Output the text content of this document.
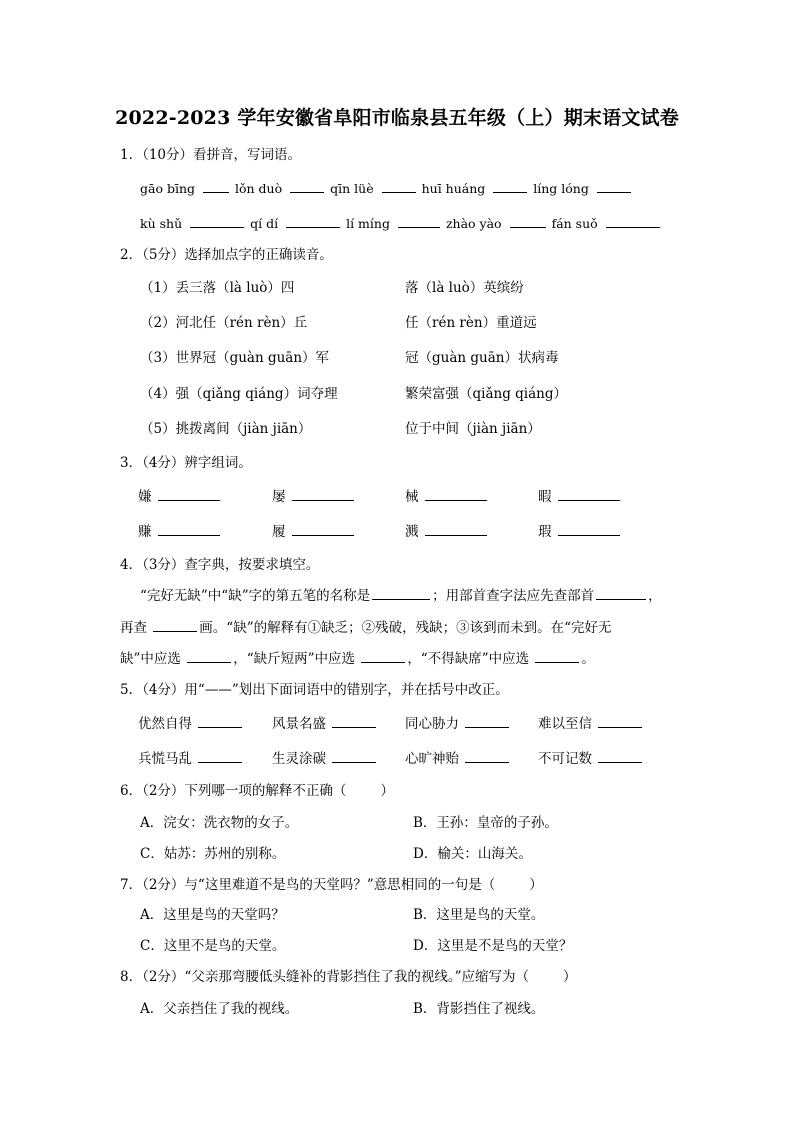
2022-2023 学年安徽省阜阳市临泉县五年级（上）期末语文试卷
1．（10分）看拼音，写词语。
gāo bīng	lǒn duò	qīn lüè	huī huáng	líng lóng
kù shǔ	qí dí	lí míng	zhào yào	fán suǒ
2．（5分）选择加点字的正确读音。
（1）丢三落（là luò）四	落（là luò）英缤纷
（2）河北任（rén rèn）丘	任（rén rèn）重道远
（3）世界冠（guàn guān）军	冠（guàn guān）状病毒
（4）强（qiǎng qiáng）词夺理	繁荣富强（qiǎng qiáng）
（5）挑拨离间（jiàn jiān）	位于中间（jiàn jiān）
3．（4分）辨字组词。
嫌	屡	械	暇
赚	履	溅	瑕
4．（3分）查字典，按要求填空。
“完好无缺”中“缺”字的第五笔的名称是	；用部首查字法应先查部首	，
再查	画。“缺”的解释有①缺乏；②残破，残缺；③该到而未到。在“完好无
缺”中应选	，“缺斤短两”中应选	，“不得缺席”中应选	。
5．（4分）用“——”划出下面词语中的错别字，并在括号中改正。
优然自得	风景名盛	同心胁力	难以至信
兵慌马乱	生灵涂碳	心旷神贻	不可记数
6．（2分）下列哪一项的解释不正确（	）
A．浣女：洗衣物的女子。	B．王孙：皇帝的子孙。
C．姑苏：苏州的别称。	D．榆关：山海关。
7．（2分）与“这里难道不是鸟的天堂吗？”意思相同的一句是（	）
A．这里是鸟的天堂吗？	B．这里是鸟的天堂。
C．这里不是鸟的天堂。	D．这里是不是鸟的天堂？
8．（2分）“父亲那弯腰低头缝补的背影挡住了我的视线。”应缩写为（	）
A．父亲挡住了我的视线。	B．背影挡住了视线。
